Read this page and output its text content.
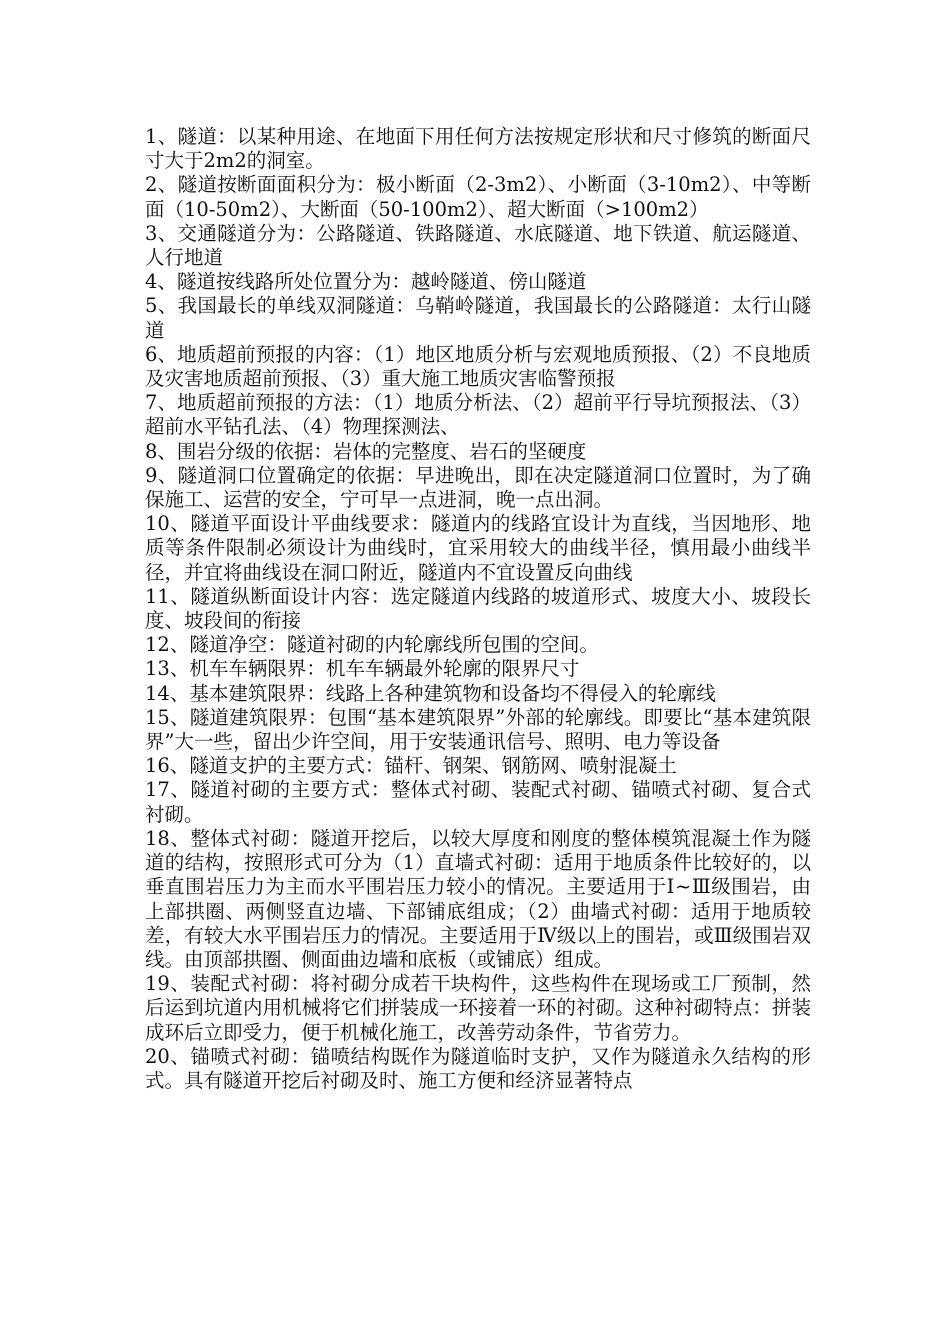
1、隧道：以某种用途、在地面下用任何方法按规定形状和尺寸修筑的断面尺寸大于2m2的洞室。

2、隧道按断面面积分为：极小断面（2-3m2）、小断面（3-10m2）、中等断面（10-50m2）、大断面（50-100m2）、超大断面（>100m2）

3、交通隧道分为：公路隧道、铁路隧道、水底隧道、地下铁道、航运隧道、人行地道

4、隧道按线路所处位置分为：越岭隧道、傍山隧道

5、我国最长的单线双洞隧道：乌鞘岭隧道，我国最长的公路隧道：太行山隧道

6、地质超前预报的内容：（1）地区地质分析与宏观地质预报、（2）不良地质及灾害地质超前预报、（3）重大施工地质灾害临警预报

7、地质超前预报的方法：（1）地质分析法、（2）超前平行导坑预报法、（3）超前水平钻孔法、（4）物理探测法、

8、围岩分级的依据：岩体的完整度、岩石的坚硬度

9、隧道洞口位置确定的依据：早进晚出，即在决定隧道洞口位置时，为了确保施工、运营的安全，宁可早一点进洞，晚一点出洞。

10、隧道平面设计平曲线要求：隧道内的线路宜设计为直线，当因地形、地质等条件限制必须设计为曲线时，宜采用较大的曲线半径，慎用最小曲线半径，并宜将曲线设在洞口附近，隧道内不宜设置反向曲线

11、隧道纵断面设计内容：选定隧道内线路的坡道形式、坡度大小、坡段长度、坡段间的衔接

12、隧道净空：隧道衬砌的内轮廓线所包围的空间。

13、机车车辆限界：机车车辆最外轮廓的限界尺寸

14、基本建筑限界：线路上各种建筑物和设备均不得侵入的轮廓线

15、隧道建筑限界：包围“基本建筑限界”外部的轮廓线。即要比“基本建筑限界”大一些，留出少许空间，用于安装通讯信号、照明、电力等设备

16、隧道支护的主要方式：锚杆、钢架、钢筋网、喷射混凝土

17、隧道衬砌的主要方式：整体式衬砌、装配式衬砌、锚喷式衬砌、复合式衬砌。

18、整体式衬砌：隧道开挖后，以较大厚度和刚度的整体模筑混凝土作为隧道的结构，按照形式可分为（1）直墙式衬砌：适用于地质条件比较好的，以垂直围岩压力为主而水平围岩压力较小的情况。主要适用于Ⅰ~Ⅲ级围岩，由上部拱圈、两侧竖直边墙、下部铺底组成；（2）曲墙式衬砌：适用于地质较差，有较大水平围岩压力的情况。主要适用于Ⅳ级以上的围岩，或Ⅲ级围岩双线。由顶部拱圈、侧面曲边墙和底板（或铺底）组成。

19、装配式衬砌：将衬砌分成若干块构件，这些构件在现场或工厂预制，然后运到坑道内用机械将它们拼装成一环接着一环的衬砌。这种衬砌特点：拼装成环后立即受力，便于机械化施工，改善劳动条件，节省劳力。

20、锚喷式衬砌：锚喷结构既作为隧道临时支护，又作为隧道永久结构的形式。具有隧道开挖后衬砌及时、施工方便和经济显著特点
